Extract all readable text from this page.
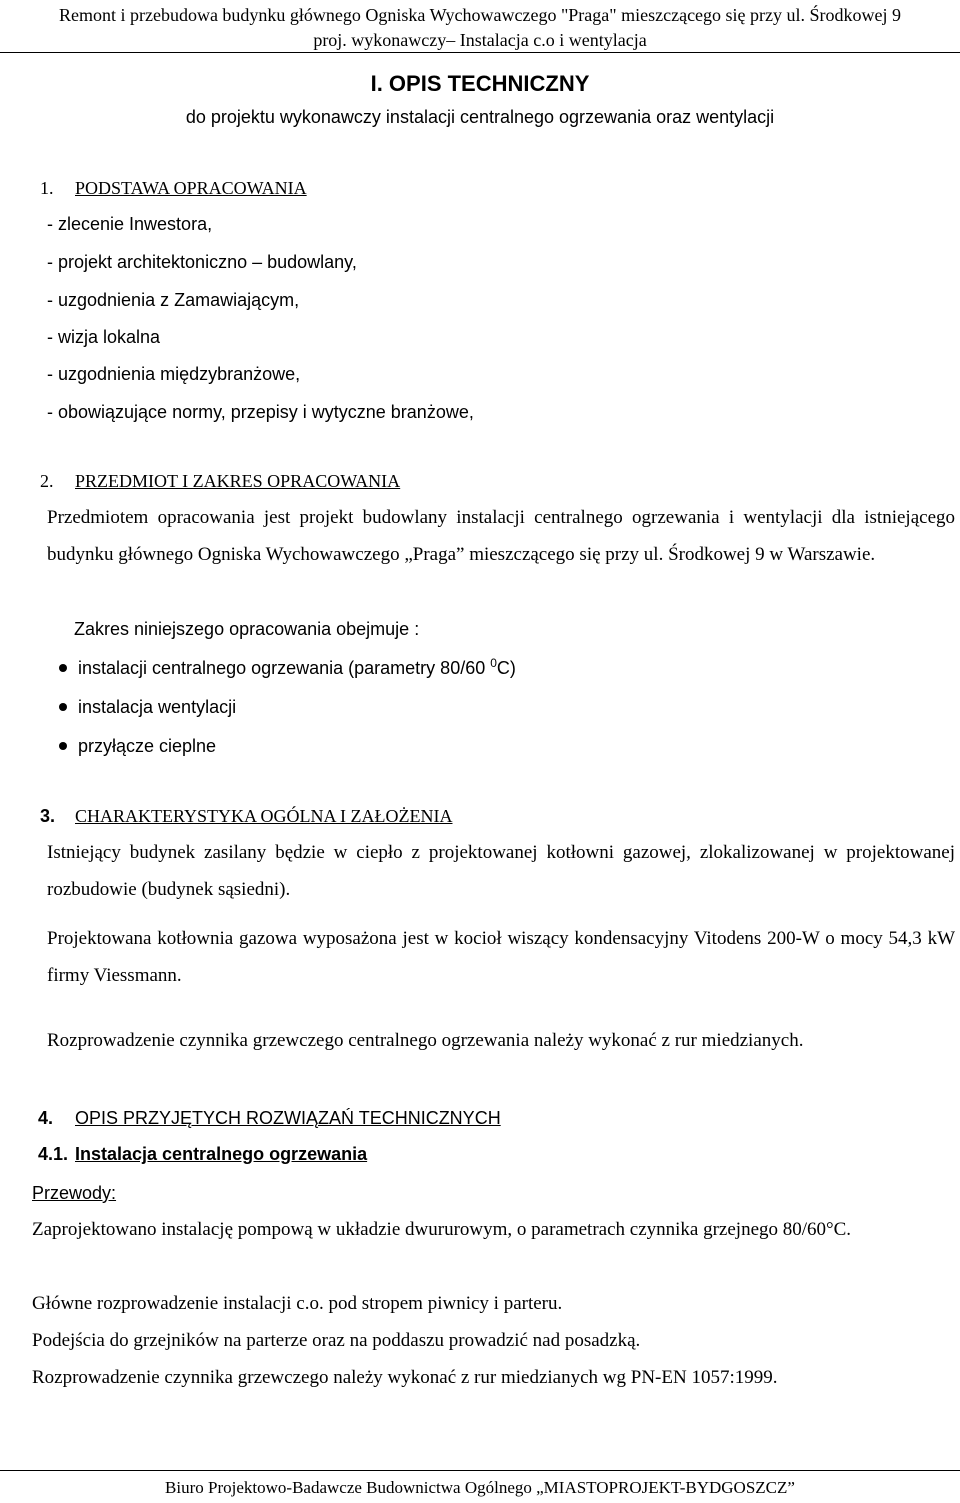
Remont i przebudowa budynku głównego Ogniska Wychowawczego "Praga" mieszczącego się przy ul. Środkowej 9
proj. wykonawczy– Instalacja c.o i wentylacja
I. OPIS TECHNICZNY
do projektu wykonawczy instalacji centralnego ogrzewania oraz wentylacji
1. PODSTAWA OPRACOWANIA
- zlecenie Inwestora,
- projekt architektoniczno – budowlany,
- uzgodnienia z Zamawiającym,
- wizja lokalna
- uzgodnienia międzybranżowe,
- obowiązujące normy, przepisy i wytyczne branżowe,
2. PRZEDMIOT I ZAKRES OPRACOWANIA
Przedmiotem opracowania jest projekt budowlany instalacji centralnego ogrzewania i wentylacji dla istniejącego budynku głównego Ogniska Wychowawczego „Praga” mieszczącego się przy ul. Środkowej 9 w Warszawie.
Zakres niniejszego opracowania obejmuje :
instalacji centralnego ogrzewania (parametry 80/60 $^0$C)
instalacja wentylacji
przyłącze cieplne
3. CHARAKTERYSTYKA OGÓLNA I ZAŁOŻENIA
Istniejący budynek zasilany będzie w ciepło z projektowanej kotłowni gazowej, zlokalizowanej w projektowanej rozbudowie (budynek sąsiedni).
Projektowana kotłownia gazowa wyposażona jest w kocioł wiszący kondensacyjny Vitodens 200-W o mocy 54,3 kW firmy Viessmann.
Rozprowadzenie czynnika grzewczego centralnego ogrzewania należy wykonać z rur miedzianych.
4. OPIS PRZYJĘTYCH ROZWIĄZAŃ TECHNICZNYCH
4.1. Instalacja centralnego ogrzewania
Przewody:
Zaprojektowano instalację pompową w układzie dwururowym, o parametrach czynnika grzejnego 80/60°C.
Główne rozprowadzenie instalacji c.o. pod stropem piwnicy i parteru.
Podejścia do grzejników na parterze oraz na poddaszu prowadzić nad posadzką.
Rozprowadzenie czynnika grzewczego należy wykonać z rur miedzianych wg PN-EN 1057:1999.
Biuro Projektowo-Badawcze Budownictwa Ogólnego „MIASTOPROJEKT-BYDGOSZCZ”
